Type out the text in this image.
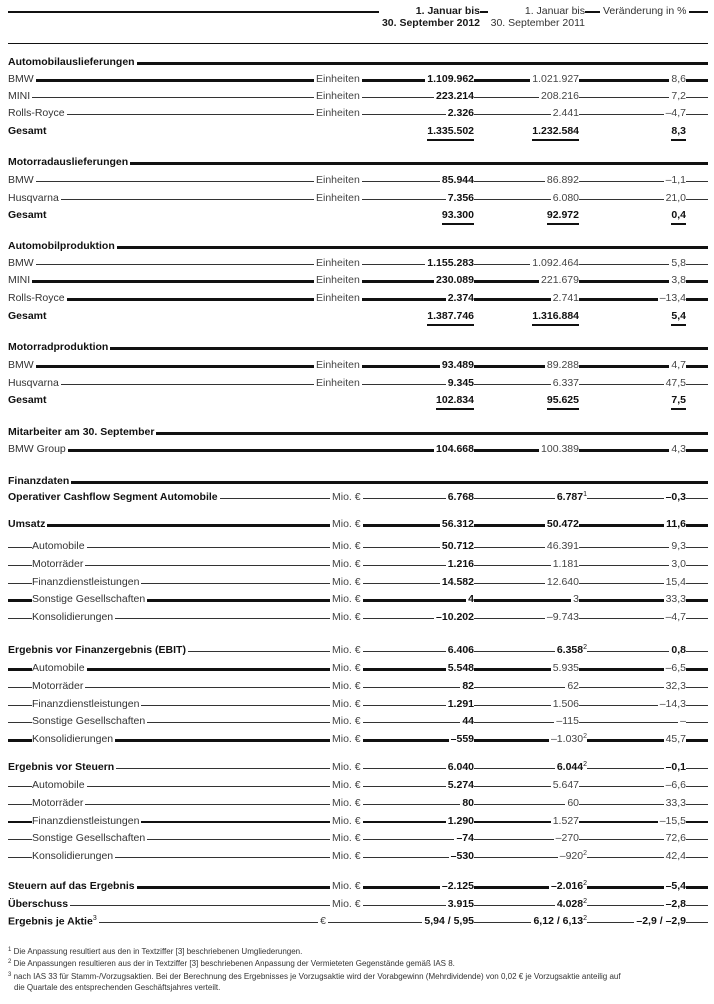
1. Januar bis
30. September 2012
1. Januar bis
30. September 2011
Veränderung in %
Automobilauslieferungen
BMW	Einheiten	1.109.962	1.021.927	8,6
MINI	Einheiten	223.214	208.216	7,2
Rolls-Royce	Einheiten	2.326	2.441	–4,7
Gesamt	1.335.502	1.232.584	8,3
Motorradauslieferungen
BMW	Einheiten	85.944	86.892	–1,1
Husqvarna	Einheiten	7.356	6.080	21,0
Gesamt	93.300	92.972	0,4
Automobilproduktion
BMW	Einheiten	1.155.283	1.092.464	5,8
MINI	Einheiten	230.089	221.679	3,8
Rolls-Royce	Einheiten	2.374	2.741	–13,4
Gesamt	1.387.746	1.316.884	5,4
Motorradproduktion
BMW	Einheiten	93.489	89.288	4,7
Husqvarna	Einheiten	9.345	6.337	47,5
Gesamt	102.834	95.625	7,5
Mitarbeiter am 30. September
BMW Group	104.668	100.389	4,3
Finanzdaten
Operativer Cashflow Segment Automobile	Mio. €	6.768	6.787$^1$	–0,3
Umsatz	Mio. €	56.312	50.472	11,6
Automobile	Mio. €	50.712	46.391	9,3
Motorräder	Mio. €	1.216	1.181	3,0
Finanzdienstleistungen	Mio. €	14.582	12.640	15,4
Sonstige Gesellschaften	Mio. €	4	3	33,3
Konsolidierungen	Mio. €	–10.202	–9.743	–4,7
Ergebnis vor Finanzergebnis (EBIT)	Mio. €	6.406	6.358$^2$	0,8
Automobile	Mio. €	5.548	5.935	–6,5
Motorräder	Mio. €	82	62	32,3
Finanzdienstleistungen	Mio. €	1.291	1.506	–14,3
Sonstige Gesellschaften	Mio. €	44	–115	–
Konsolidierungen	Mio. €	–559	–1.030$^2$	45,7
Ergebnis vor Steuern	Mio. €	6.040	6.044$^2$	–0,1
Automobile	Mio. €	5.274	5.647	–6,6
Motorräder	Mio. €	80	60	33,3
Finanzdienstleistungen	Mio. €	1.290	1.527	–15,5
Sonstige Gesellschaften	Mio. €	–74	–270	72,6
Konsolidierungen	Mio. €	–530	$-920^2$	42,4
Steuern auf das Ergebnis	Mio. €	–2.125	–2.016$^2$	–5,4
Überschuss	Mio. €	3.915	4.028$^2$	–2,8
Ergebnis je Aktie$^3$	€	5,94 / 5,95	6,12 / 6,13$^2$	–2,9 / –2,9
$^1$ Die Anpassung resultiert aus den in Textziffer [3] beschriebenen Umgliederungen.
$^2$ Die Anpassungen resultieren aus der in Textziffer [3] beschriebenen Anpassung der Vermieteten Gegenstände gemäß IAS 8.
$^3$ nach IAS 33 für Stamm-/Vorzugsaktien. Bei der Berechnung des Ergebnisses je Vorzugsaktie wird der Vorabgewinn (Mehrdividende) von 0,02 € je Vorzugsaktie anteilig auf
die Quartale des entsprechenden Geschäftsjahres verteilt.
